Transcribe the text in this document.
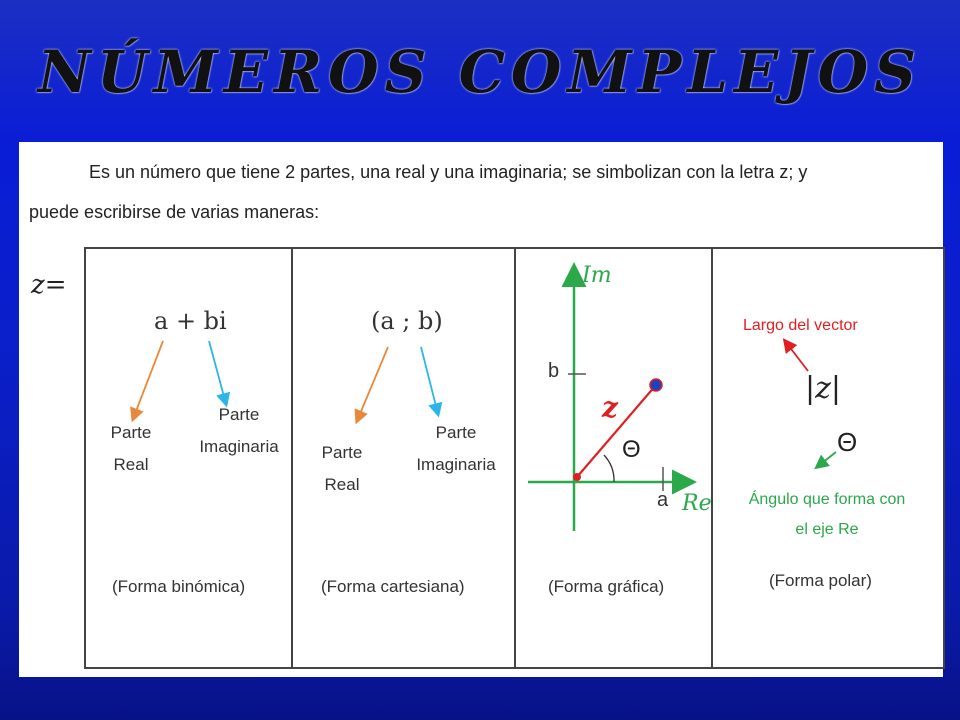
NÚMEROS COMPLEJOS
Es un número que tiene 2 partes, una real y una imaginaria; se simbolizan con la letra z; y
puede escribirse de varias maneras:
z=
a + bi
Parte
Real
Parte
Imaginaria
(Forma binómica)
(a ; b)
Parte
Real
Parte
Imaginaria
(Forma cartesiana)
Im
Re
b
a
z
Θ
(Forma gráfica)
Largo del vector
|z|
Θ
Ángulo que forma con
el eje Re
(Forma polar)
